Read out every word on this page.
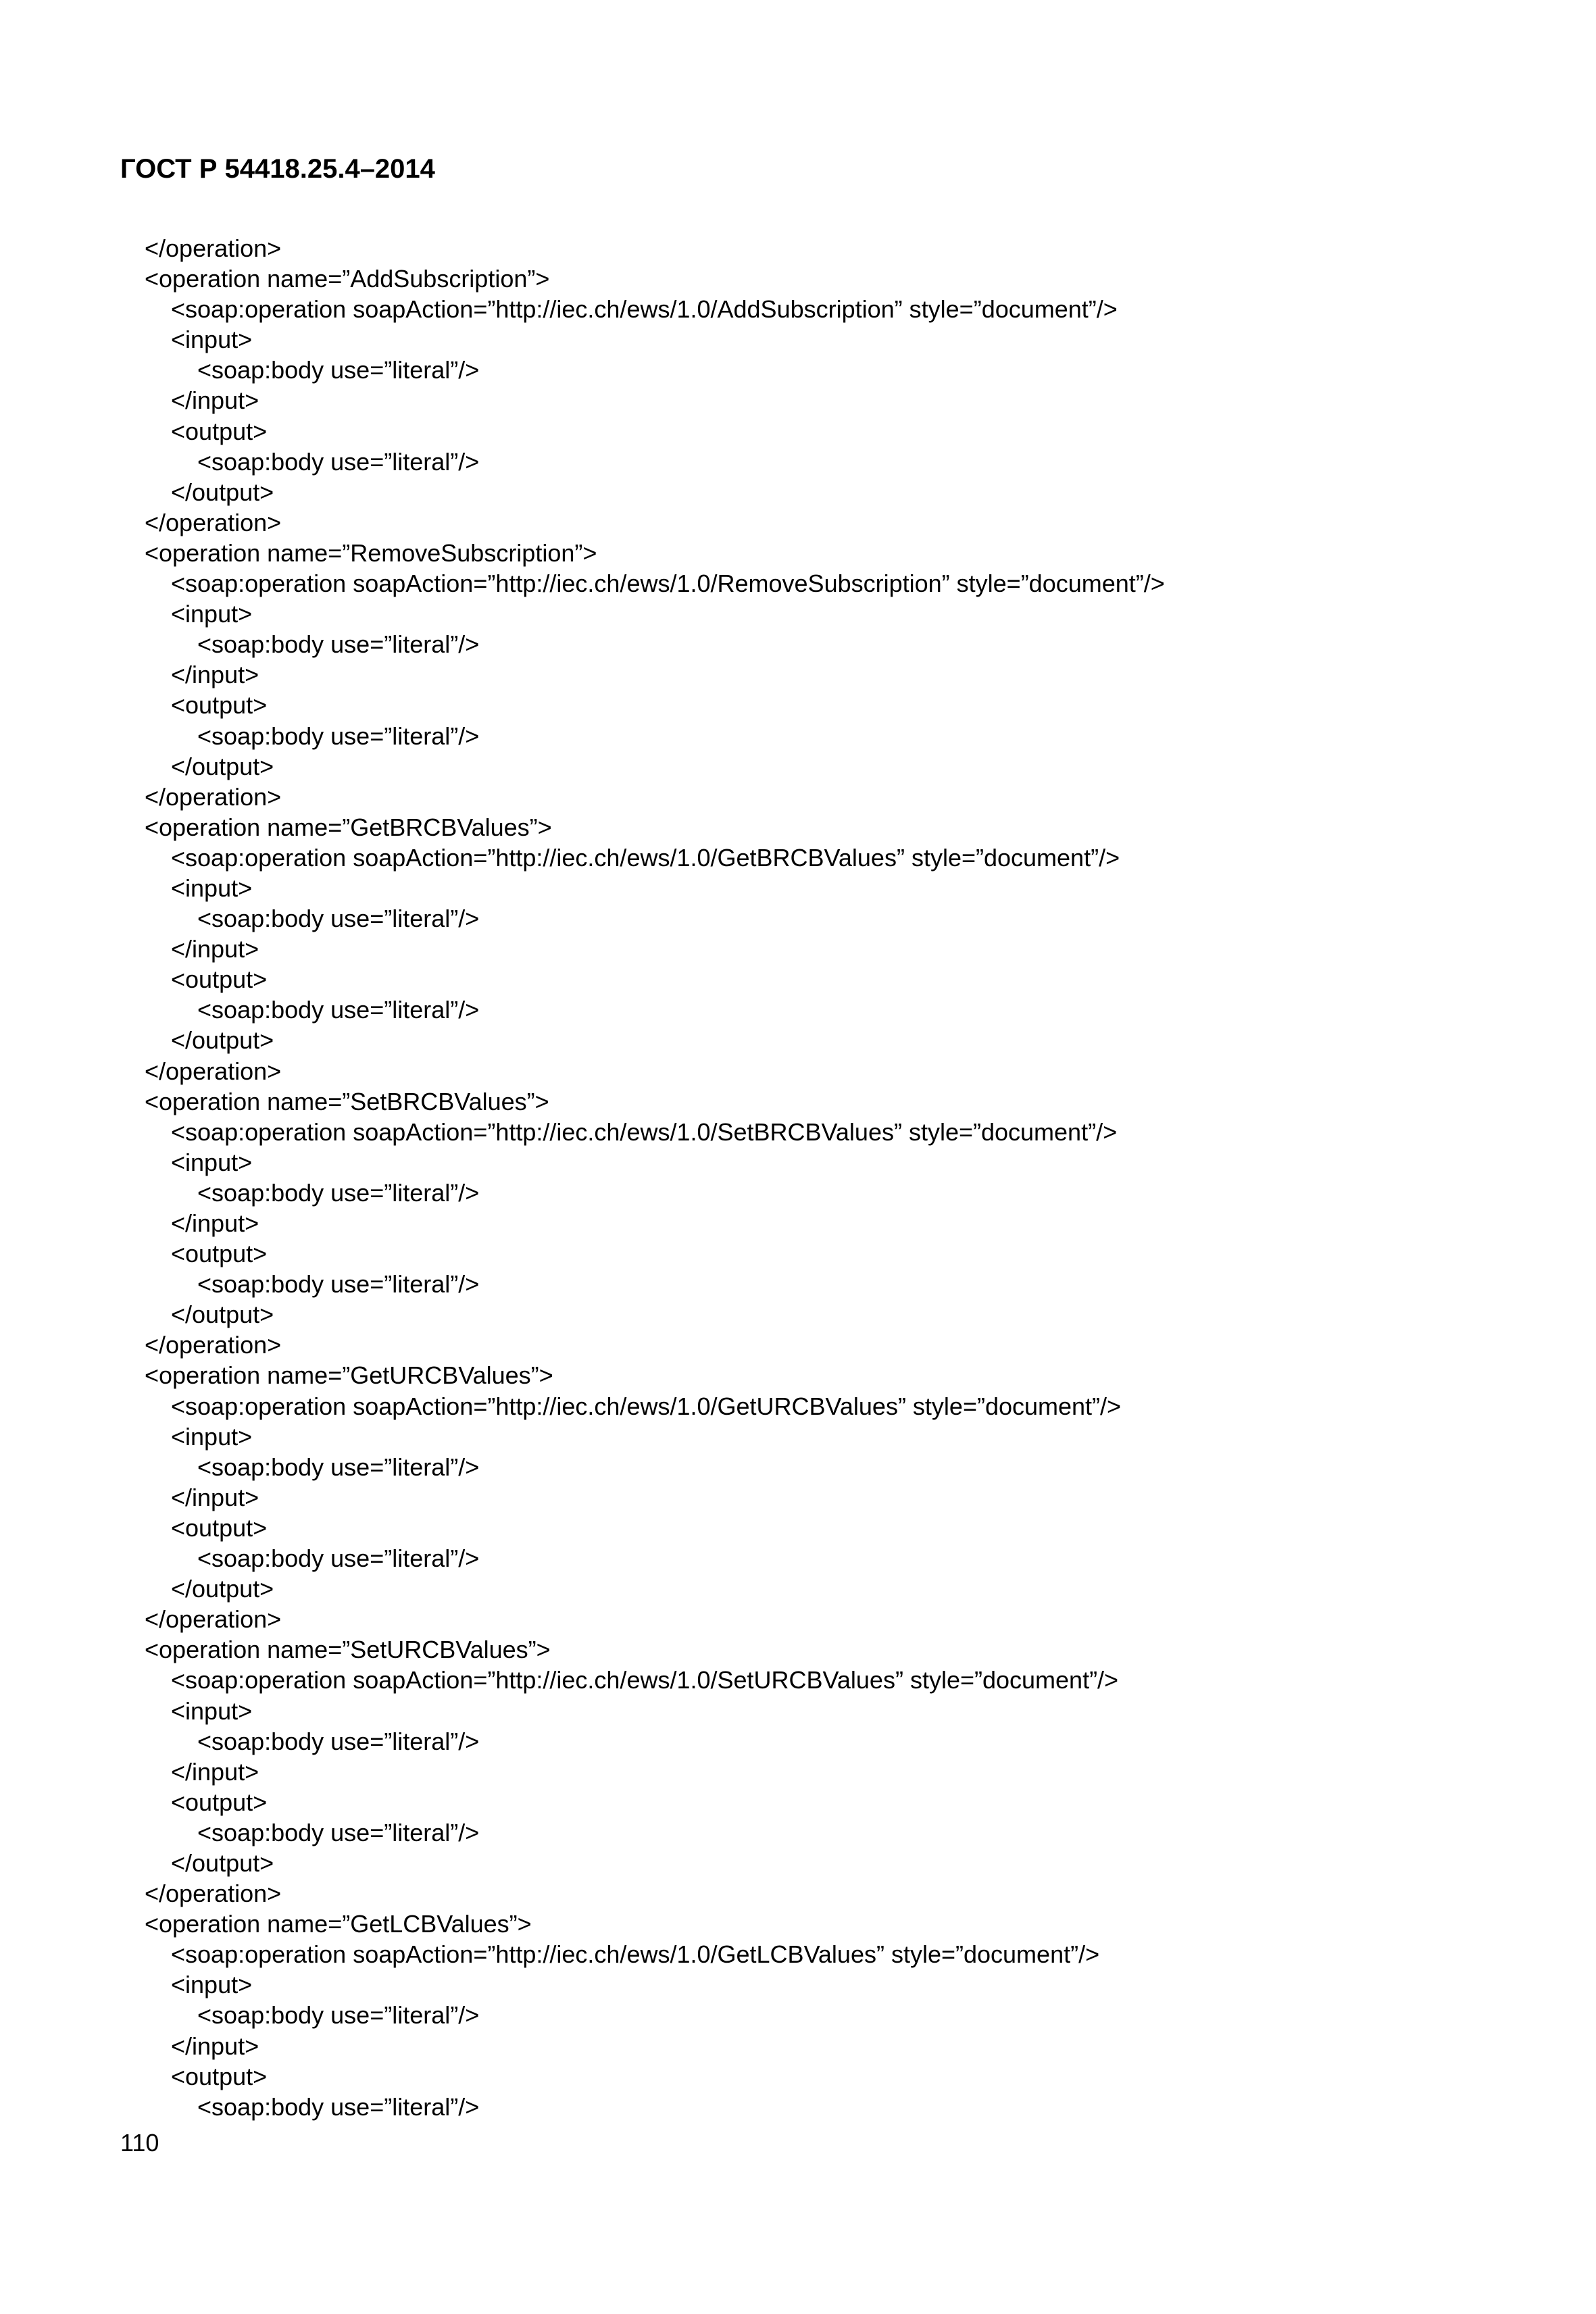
ГОСТ Р 54418.25.4–2014
</operation>
<operation name=”AddSubscription”>
<soap:operation soapAction=”http://iec.ch/ews/1.0/AddSubscription” style=”document”/>
<input>
<soap:body use=”literal”/>
</input>
<output>
<soap:body use=”literal”/>
</output>
</operation>
<operation name=”RemoveSubscription”>
<soap:operation soapAction=”http://iec.ch/ews/1.0/RemoveSubscription” style=”document”/>
<input>
<soap:body use=”literal”/>
</input>
<output>
<soap:body use=”literal”/>
</output>
</operation>
<operation name=”GetBRCBValues”>
<soap:operation soapAction=”http://iec.ch/ews/1.0/GetBRCBValues” style=”document”/>
<input>
<soap:body use=”literal”/>
</input>
<output>
<soap:body use=”literal”/>
</output>
</operation>
<operation name=”SetBRCBValues”>
<soap:operation soapAction=”http://iec.ch/ews/1.0/SetBRCBValues” style=”document”/>
<input>
<soap:body use=”literal”/>
</input>
<output>
<soap:body use=”literal”/>
</output>
</operation>
<operation name=”GetURCBValues”>
<soap:operation soapAction=”http://iec.ch/ews/1.0/GetURCBValues” style=”document”/>
<input>
<soap:body use=”literal”/>
</input>
<output>
<soap:body use=”literal”/>
</output>
</operation>
<operation name=”SetURCBValues”>
<soap:operation soapAction=”http://iec.ch/ews/1.0/SetURCBValues” style=”document”/>
<input>
<soap:body use=”literal”/>
</input>
<output>
<soap:body use=”literal”/>
</output>
</operation>
<operation name=”GetLCBValues”>
<soap:operation soapAction=”http://iec.ch/ews/1.0/GetLCBValues” style=”document”/>
<input>
<soap:body use=”literal”/>
</input>
<output>
<soap:body use=”literal”/>
110
